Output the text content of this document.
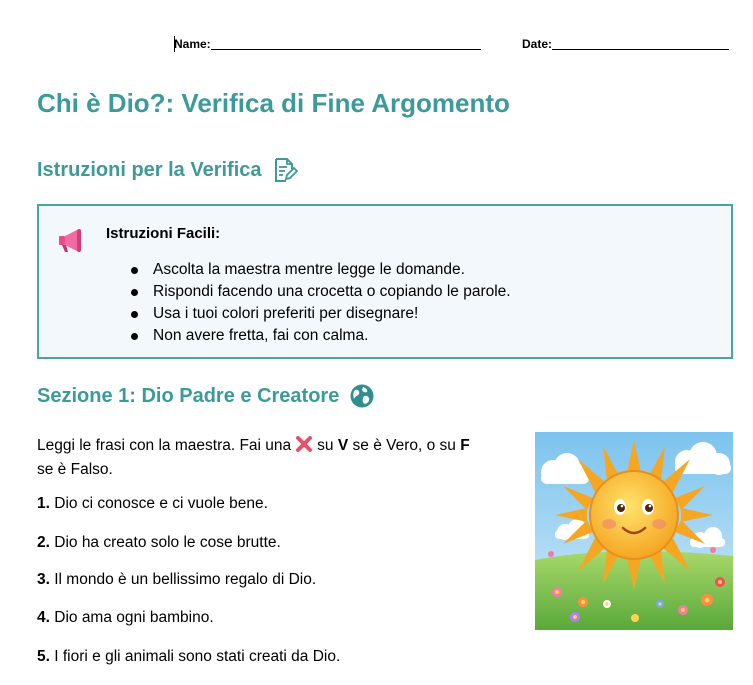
Name:	Date:
Chi è Dio?: Verifica di Fine Argomento
Istruzioni per la Verifica
Istruzioni Facili:
Ascolta la maestra mentre legge le domande.
Rispondi facendo una crocetta o copiando le parole.
Usa i tuoi colori preferiti per disegnare!
Non avere fretta, fai con calma.
Sezione 1: Dio Padre e Creatore
Leggi le frasi con la maestra. Fai una su V se è Vero, o su F
se è Falso.
1. Dio ci conosce e ci vuole bene.
2. Dio ha creato solo le cose brutte.
3. Il mondo è un bellissimo regalo di Dio.
4. Dio ama ogni bambino.
5. I fiori e gli animali sono stati creati da Dio.
